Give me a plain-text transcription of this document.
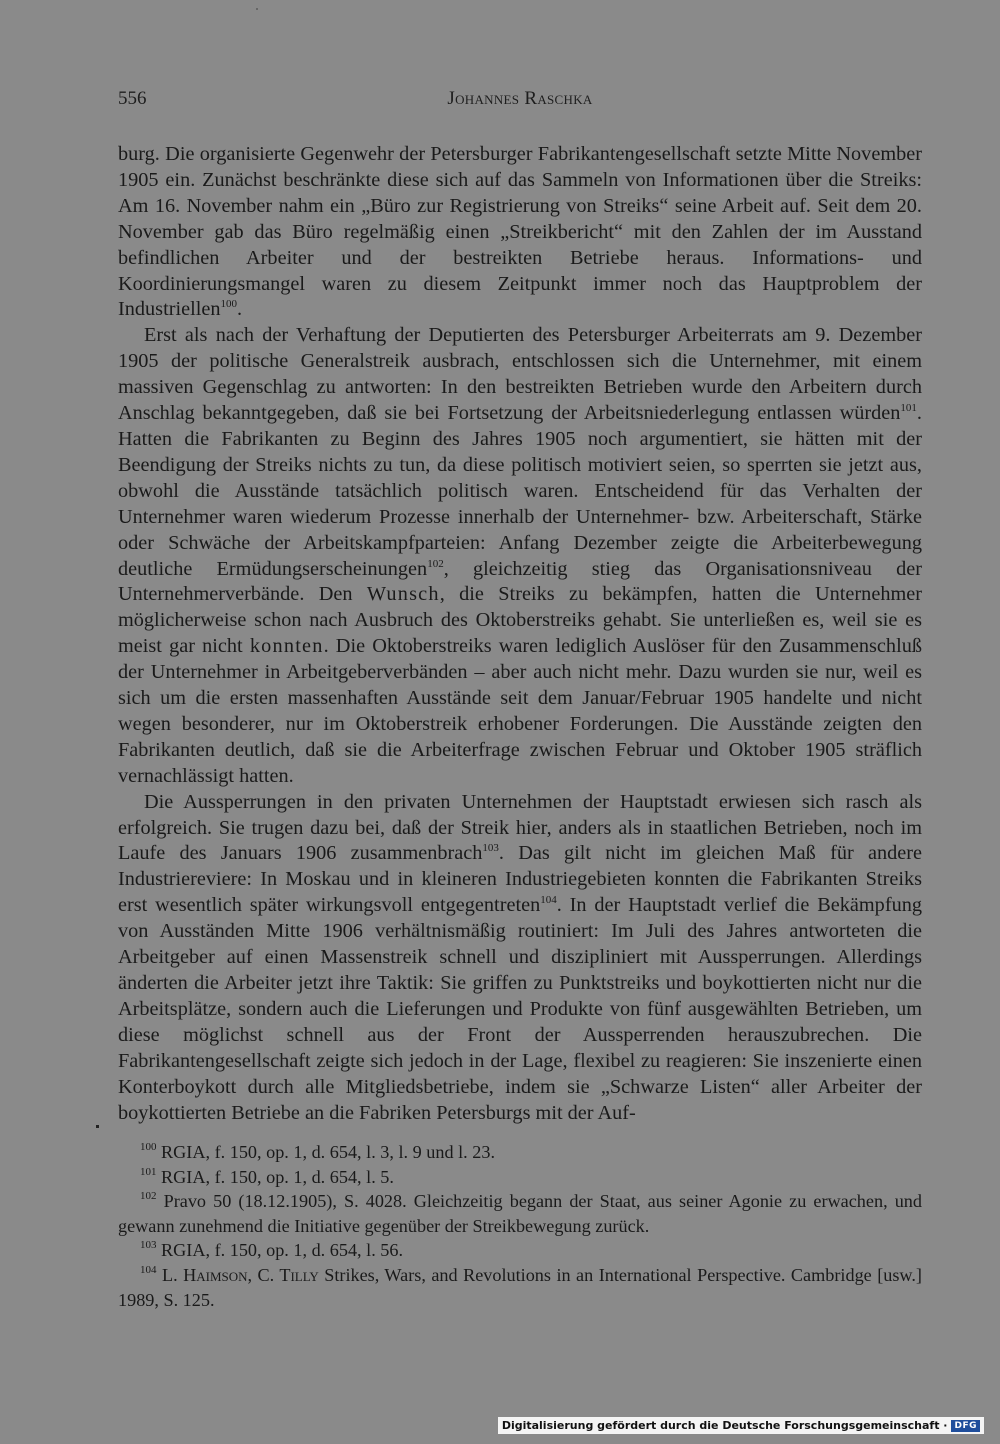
556	Johannes Raschka

burg. Die organisierte Gegenwehr der Petersburger Fabrikantengesellschaft setzte Mitte November 1905 ein. Zunächst beschränkte diese sich auf das Sammeln von Informationen über die Streiks: Am 16. November nahm ein „Büro zur Registrierung von Streiks“ seine Arbeit auf. Seit dem 20. November gab das Büro regelmäßig einen „Streikbericht“ mit den Zahlen der im Ausstand befindlichen Arbeiter und der bestreikten Betriebe heraus. Informations- und Koordinierungsmangel waren zu diesem Zeitpunkt immer noch das Hauptproblem der Industriellen$^{100}$.

Erst als nach der Verhaftung der Deputierten des Petersburger Arbeiterrats am 9. Dezember 1905 der politische Generalstreik ausbrach, entschlossen sich die Unternehmer, mit einem massiven Gegenschlag zu antworten: In den bestreikten Betrieben wurde den Arbeitern durch Anschlag bekanntgegeben, daß sie bei Fortsetzung der Arbeitsniederlegung entlassen würden$^{101}$. Hatten die Fabrikanten zu Beginn des Jahres 1905 noch argumentiert, sie hätten mit der Beendigung der Streiks nichts zu tun, da diese politisch motiviert seien, so sperrten sie jetzt aus, obwohl die Ausstände tatsächlich politisch waren. Entscheidend für das Verhalten der Unternehmer waren wiederum Prozesse innerhalb der Unternehmer- bzw. Arbeiterschaft, Stärke oder Schwäche der Arbeitskampfparteien: Anfang Dezember zeigte die Arbeiterbewegung deutliche Ermüdungserscheinungen$^{102}$, gleichzeitig stieg das Organisationsniveau der Unternehmerverbände. Den Wunsch, die Streiks zu bekämpfen, hatten die Unternehmer möglicherweise schon nach Ausbruch des Oktoberstreiks gehabt. Sie unterließen es, weil sie es meist gar nicht konnten. Die Oktoberstreiks waren lediglich Auslöser für den Zusammenschluß der Unternehmer in Arbeitgeberverbänden – aber auch nicht mehr. Dazu wurden sie nur, weil es sich um die ersten massenhaften Ausstände seit dem Januar/Februar 1905 handelte und nicht wegen besonderer, nur im Oktoberstreik erhobener Forderungen. Die Ausstände zeigten den Fabrikanten deutlich, daß sie die Arbeiterfrage zwischen Februar und Oktober 1905 sträflich vernachlässigt hatten.

Die Aussperrungen in den privaten Unternehmen der Hauptstadt erwiesen sich rasch als erfolgreich. Sie trugen dazu bei, daß der Streik hier, anders als in staatlichen Betrieben, noch im Laufe des Januars 1906 zusammenbrach$^{103}$. Das gilt nicht im gleichen Maß für andere Industriereviere: In Moskau und in kleineren Industriegebieten konnten die Fabrikanten Streiks erst wesentlich später wirkungsvoll entgegentreten$^{104}$. In der Hauptstadt verlief die Bekämpfung von Ausständen Mitte 1906 verhältnismäßig routiniert: Im Juli des Jahres antworteten die Arbeitgeber auf einen Massenstreik schnell und diszipliniert mit Aussperrungen. Allerdings änderten die Arbeiter jetzt ihre Taktik: Sie griffen zu Punktstreiks und boykottierten nicht nur die Arbeitsplätze, sondern auch die Lieferungen und Produkte von fünf ausgewählten Betrieben, um diese möglichst schnell aus der Front der Aussperrenden herauszubrechen. Die Fabrikantengesellschaft zeigte sich jedoch in der Lage, flexibel zu reagieren: Sie inszenierte einen Konterboykott durch alle Mitgliedsbetriebe, indem sie „Schwarze Listen“ aller Arbeiter der boykottierten Betriebe an die Fabriken Petersburgs mit der Auf-

$^{100}$ RGIA, f. 150, op. 1, d. 654, l. 3, l. 9 und l. 23.

$^{101}$ RGIA, f. 150, op. 1, d. 654, l. 5.

$^{102}$ Pravo 50 (18.12.1905), S. 4028. Gleichzeitig begann der Staat, aus seiner Agonie zu erwachen, und gewann zunehmend die Initiative gegenüber der Streikbewegung zurück.

$^{103}$ RGIA, f. 150, op. 1, d. 654, l. 56.

$^{104}$ L. Haimson, C. Tilly Strikes, Wars, and Revolutions in an International Perspective. Cambridge [usw.] 1989, S. 125.

Digitalisierung gefördert durch die Deutsche Forschungsgemeinschaft · DFG
